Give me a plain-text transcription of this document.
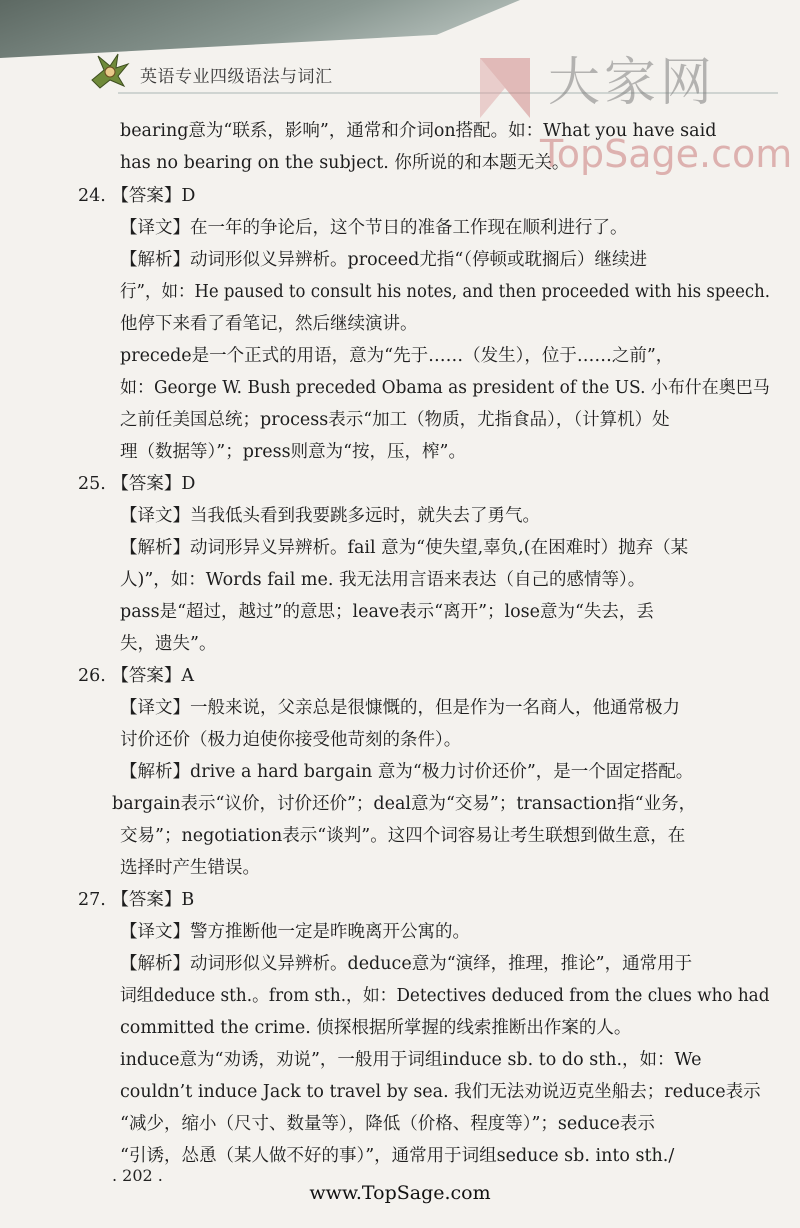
英语专业四级语法与词汇	大家网
TopSage.com
bearing意为“联系，影响”，通常和介词on搭配。如：What you have said
has no bearing on the subject. 你所说的和本题无关。
24. 【答案】D
【译文】在一年的争论后，这个节日的准备工作现在顺利进行了。
【解析】动词形似义异辨析。proceed尤指“（停顿或耽搁后）继续进
行”，如：He paused to consult his notes, and then proceeded with his speech.
他停下来看了看笔记，然后继续演讲。
precede是一个正式的用语，意为“先于……（发生），位于……之前”，
如：George W. Bush preceded Obama as president of the US. 小布什在奥巴马
之前任美国总统；process表示“加工（物质，尤指食品），（计算机）处
理（数据等）”；press则意为“按，压，榨”。
25. 【答案】D
【译文】当我低头看到我要跳多远时，就失去了勇气。
【解析】动词形异义异辨析。fail 意为“使失望,辜负,(在困难时）抛弃（某
人)”，如：Words fail me. 我无法用言语来表达（自己的感情等）。
pass是“超过，越过”的意思；leave表示“离开”；lose意为“失去，丢
失，遗失”。
26. 【答案】A
【译文】一般来说，父亲总是很慷慨的，但是作为一名商人，他通常极力
讨价还价（极力迫使你接受他苛刻的条件）。
【解析】drive a hard bargain 意为“极力讨价还价”，是一个固定搭配。
bargain表示“议价，讨价还价”；deal意为“交易”；transaction指“业务，
交易”；negotiation表示“谈判”。这四个词容易让考生联想到做生意，在
选择时产生错误。
27. 【答案】B
【译文】警方推断他一定是昨晚离开公寓的。
【解析】动词形似义异辨析。deduce意为“演绎，推理，推论”，通常用于
词组deduce sth.。from sth.，如：Detectives deduced from the clues who had
committed the crime. 侦探根据所掌握的线索推断出作案的人。
induce意为“劝诱，劝说”，一般用于词组induce sb. to do sth.，如：We
couldn’t induce Jack to travel by sea. 我们无法劝说迈克坐船去；reduce表示
“减少，缩小（尺寸、数量等），降低（价格、程度等）”；seduce表示
“引诱，怂恿（某人做不好的事）”，通常用于词组seduce sb. into sth./
. 202 .
www.TopSage.com
